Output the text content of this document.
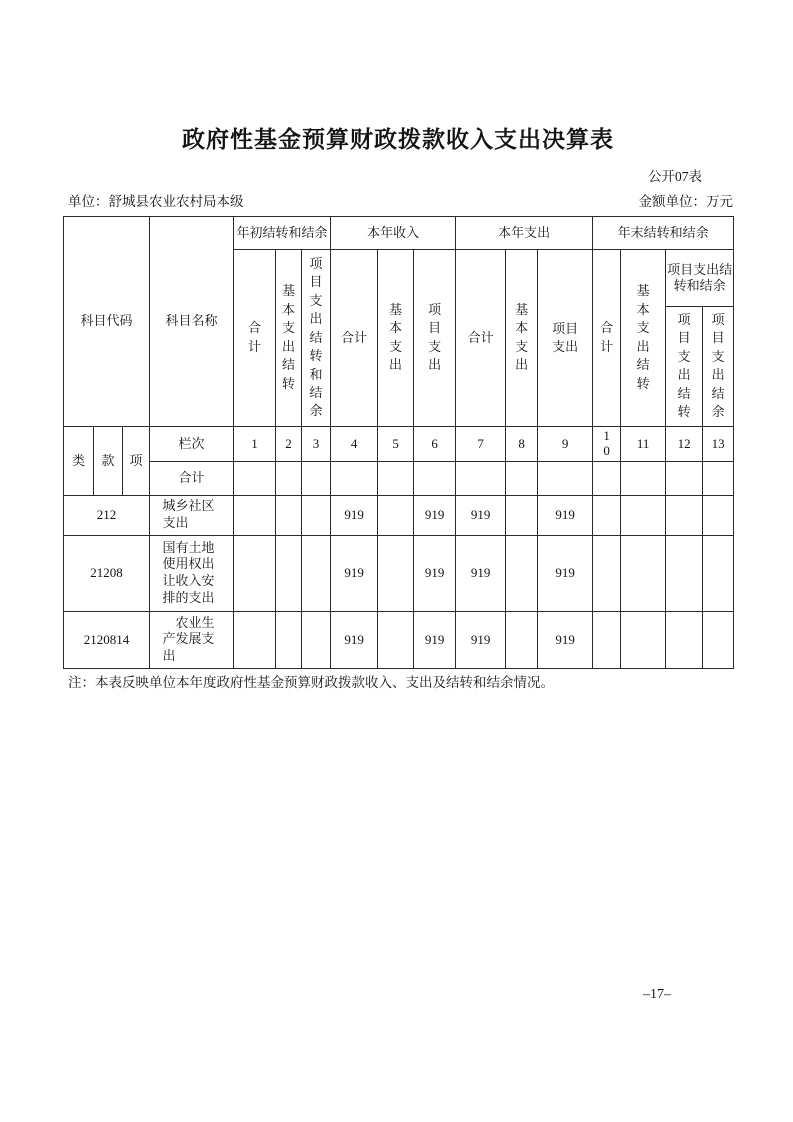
政府性基金预算财政拨款收入支出决算表
公开07表
单位：舒城县农业农村局本级	金额单位：万元
科目代码			科目名称	年初结转和结余			本年收入			本年支出			年末结转和结余			
				合计	基本支出结转	项目支出结转和结余	合计	基本支出	项目支出	合计	基本支出	项目支出	合计	基本支出结转	项目支出结转和结余	
															项目支出结转	项目支出结余
类	款	项	栏次	1	2	3	4	5	6	7	8	9	10	11	12	13
			合计													
212			城乡社区支出				919		919	919		919				
21208			国有土地使用权出让收入安排的支出				919		919	919		919				
2120814			　农业生产发展支出				919		919	919		919				
注：本表反映单位本年度政府性基金预算财政拨款收入、支出及结转和结余情况。
–17–
